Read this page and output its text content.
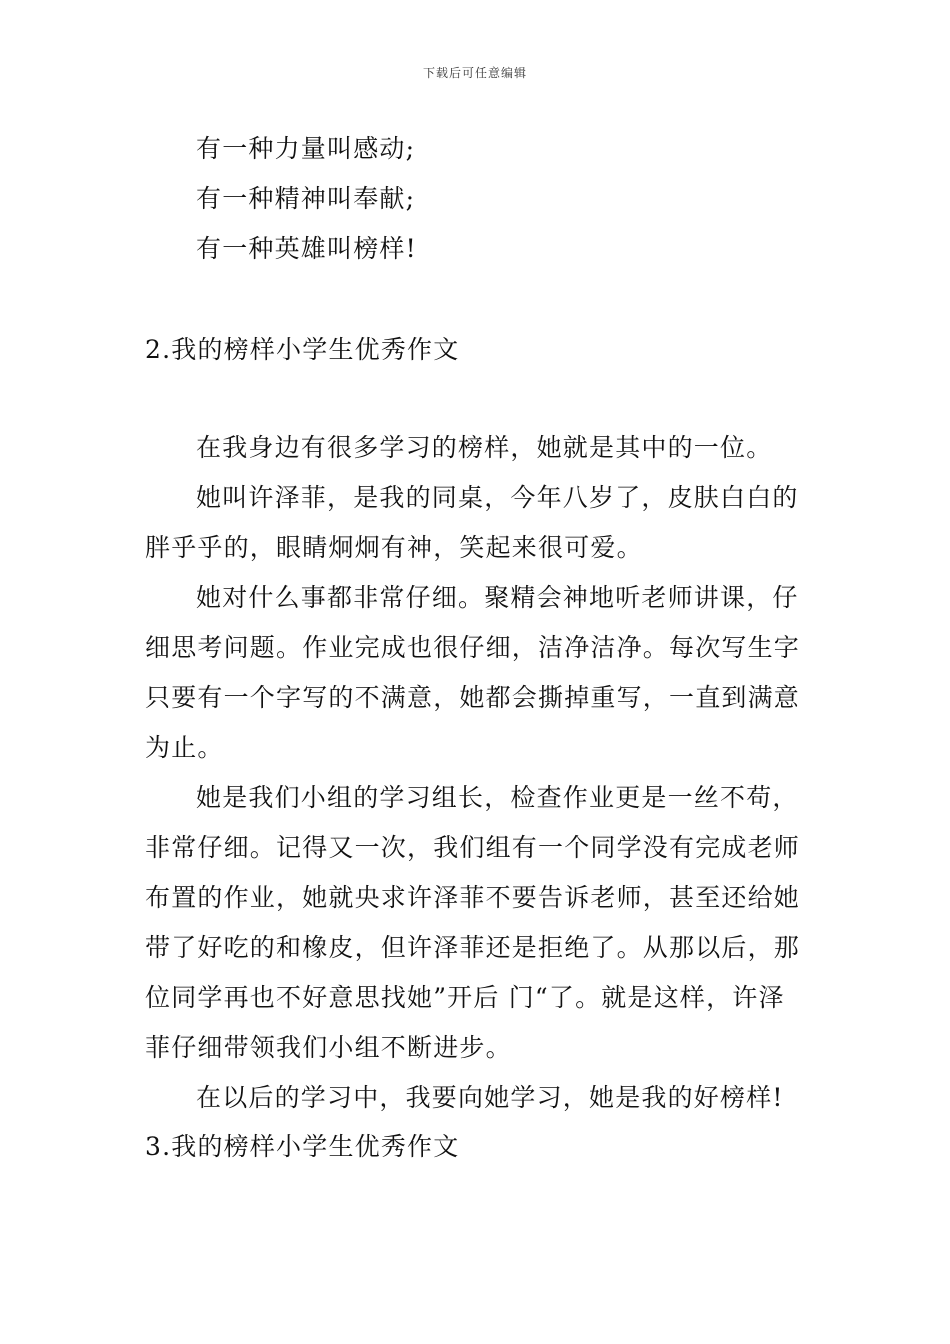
下载后可任意编辑
有一种力量叫感动;
有一种精神叫奉献;
有一种英雄叫榜样!
2.我的榜样小学生优秀作文
在我身边有很多学习的榜样，她就是其中的一位。
她叫许泽菲，是我的同桌，今年八岁了，皮肤白白的
胖乎乎的，眼睛炯炯有神，笑起来很可爱。
她对什么事都非常仔细。聚精会神地听老师讲课，仔
细思考问题。作业完成也很仔细，洁净洁净。每次写生字
只要有一个字写的不满意，她都会撕掉重写，一直到满意
为止。
她是我们小组的学习组长，检查作业更是一丝不苟，
非常仔细。记得又一次，我们组有一个同学没有完成老师
布置的作业，她就央求许泽菲不要告诉老师，甚至还给她
带了好吃的和橡皮，但许泽菲还是拒绝了。从那以后，那
位同学再也不好意思找她”开后 门“了。就是这样，许泽
菲仔细带领我们小组不断进步。
在以后的学习中，我要向她学习，她是我的好榜样!
3.我的榜样小学生优秀作文
